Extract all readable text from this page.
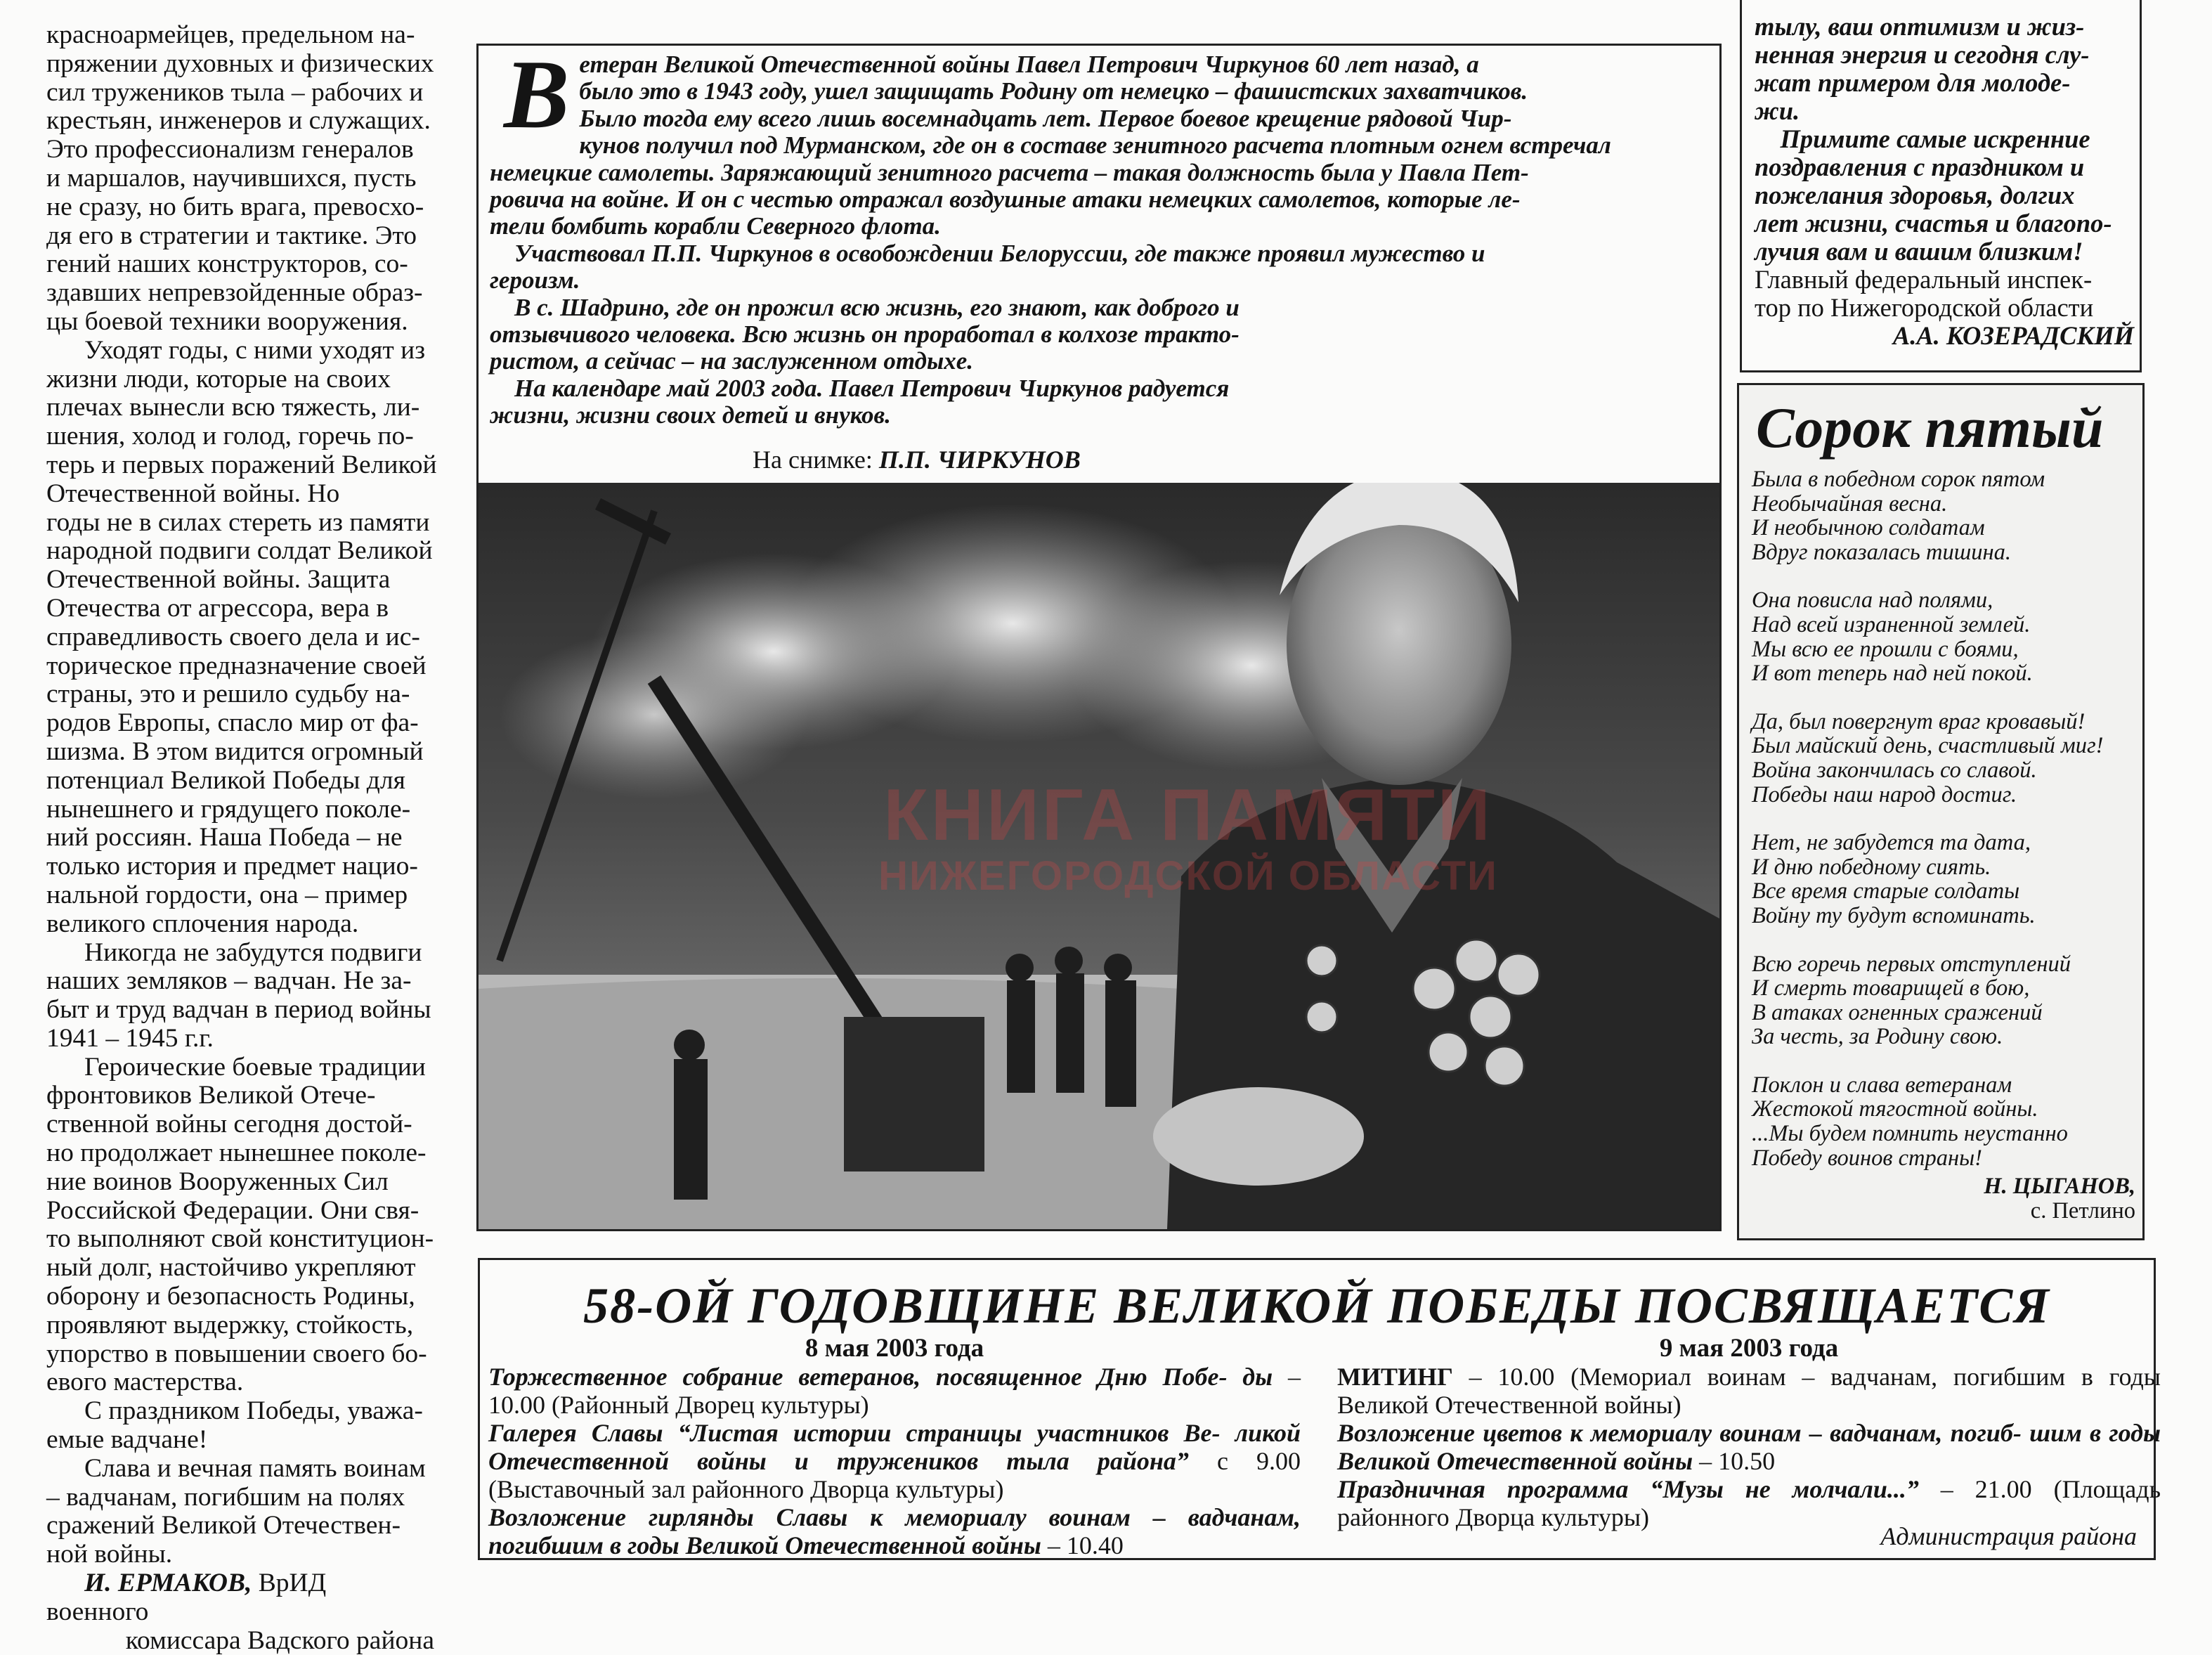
красноармейцев, предельном на-
пряжении духовных и физических
сил тружеников тыла – рабочих и
крестьян, инженеров и служащих.
Это профессионализм генералов
и маршалов, научившихся, пусть
не сразу, но бить врага, превосхо-
дя его в стратегии и тактике. Это
гений наших конструкторов, со-
здавших непревзойденные образ-
цы боевой техники вооружения.
Уходят годы, с ними уходят из
жизни люди, которые на своих
плечах вынесли всю тяжесть, ли-
шения, холод и голод, горечь по-
терь и первых поражений Великой
Отечественной войны. Но
годы не в силах стереть из памяти
народной подвиги солдат Великой
Отечественной войны. Защита
Отечества от агрессора, вера в
справедливость своего дела и ис-
торическое предназначение своей
страны, это и решило судьбу на-
родов Европы, спасло мир от фа-
шизма. В этом видится огромный
потенциал Великой Победы для
нынешнего и грядущего поколе-
ний россиян. Наша Победа – не
только история и предмет нацио-
нальной гордости, она – пример
великого сплочения народа.
Никогда не забудутся подвиги
наших земляков – вадчан. Не за-
быт и труд вадчан в период войны
1941 – 1945 г.г.
Героические боевые традиции
фронтовиков Великой Отече-
ственной войны сегодня достой-
но продолжает нынешнее поколе-
ние воинов Вооруженных Сил
Российской Федерации. Они свя-
то выполняют свой конституцион-
ный долг, настойчиво укрепляют
оборону и безопасность Родины,
проявляют выдержку, стойкость,
упорство в повышении своего бо-
евого мастерства.
С праздником Победы, уважа-
емые вадчане!
Слава и вечная память воинам
– вадчанам, погибшим на полях
сражений Великой Отечествен-
ной войны.
И. ЕРМАКОВ, ВрИД военного
комиссара Вадского района
В етеран Великой Отечественной войны Павел Петрович Чиркунов 60 лет назад, а
было это в 1943 году, ушел защищать Родину от немецко – фашистских захватчиков.
Было тогда ему всего лишь восемнадцать лет. Первое боевое крещение рядовой Чир-
кунов получил под Мурманском, где он в составе зенитного расчета плотным огнем встречал
немецкие самолеты. Заряжающий зенитного расчета – такая должность была у Павла Пет-
ровича на войне. И он с честью отражал воздушные атаки немецких самолетов, которые ле-
тели бомбить корабли Северного флота.
Участвовал П.П. Чиркунов в освобождении Белоруссии, где также проявил мужество и
героизм.
В с. Шадрино, где он прожил всю жизнь, его знают, как доброго и
отзывчивого человека. Всю жизнь он проработал в колхозе тракто-
ристом, а сейчас – на заслуженном отдыхе.
На календаре май 2003 года. Павел Петрович Чиркунов радуется
жизни, жизни своих детей и внуков.
На снимке: П.П. ЧИРКУНОВ
КНИГА ПАМЯТИ
НИЖЕГОРОДСКОЙ ОБЛАСТИ
тылу, ваш оптимизм и жиз-
ненная энергия и сегодня слу-
жат примером для молоде-
жи.
Примите самые искренние
поздравления с праздником и
пожелания здоровья, долгих
лет жизни, счастья и благопо-
лучия вам и вашим близким!
Главный федеральный инспек-
тор по Нижегородской области
А.А. КОЗЕРАДСКИЙ
Сорок пятый
Была в победном сорок пятом
Необычайная весна.
И необычною солдатам
Вдруг показалась тишина.
Она повисла над полями,
Над всей израненной землей.
Мы всю ее прошли с боями,
И вот теперь над ней покой.
Да, был повергнут враг кровавый!
Был майский день, счастливый миг!
Война закончилась со славой.
Победы наш народ достиг.
Нет, не забудется та дата,
И дню победному сиять.
Все время старые солдаты
Войну ту будут вспоминать.
Всю горечь первых отступлений
И смерть товарищей в бою,
В атаках огненных сражений
За честь, за Родину свою.
Поклон и слава ветеранам
Жестокой тягостной войны.
...Мы будем помнить неустанно
Победу воинов страны!
Н. ЦЫГАНОВ,
с. Петлино
58-ОЙ ГОДОВЩИНЕ ВЕЛИКОЙ ПОБЕДЫ ПОСВЯЩАЕТСЯ
8 мая 2003 года
Торжественное собрание ветеранов, посвященное Дню Побе- ды – 10.00 (Районный Дворец культуры)
Галерея Славы “Листая истории страницы участников Ве- ликой Отечественной войны и тружеников тыла района” с 9.00 (Выставочный зал районного Дворца культуры)
Возложение гирлянды Славы к мемориалу воинам – вадчанам, погибшим в годы Великой Отечественной войны – 10.40
9 мая 2003 года
МИТИНГ – 10.00 (Мемориал воинам – вадчанам, погибшим в годы Великой Отечественной войны)
Возложение цветов к мемориалу воинам – вадчанам, погиб- шим в годы Великой Отечественной войны – 10.50
Праздничная программа “Музы не молчали...” – 21.00 (Площадь районного Дворца культуры)
Администрация района
